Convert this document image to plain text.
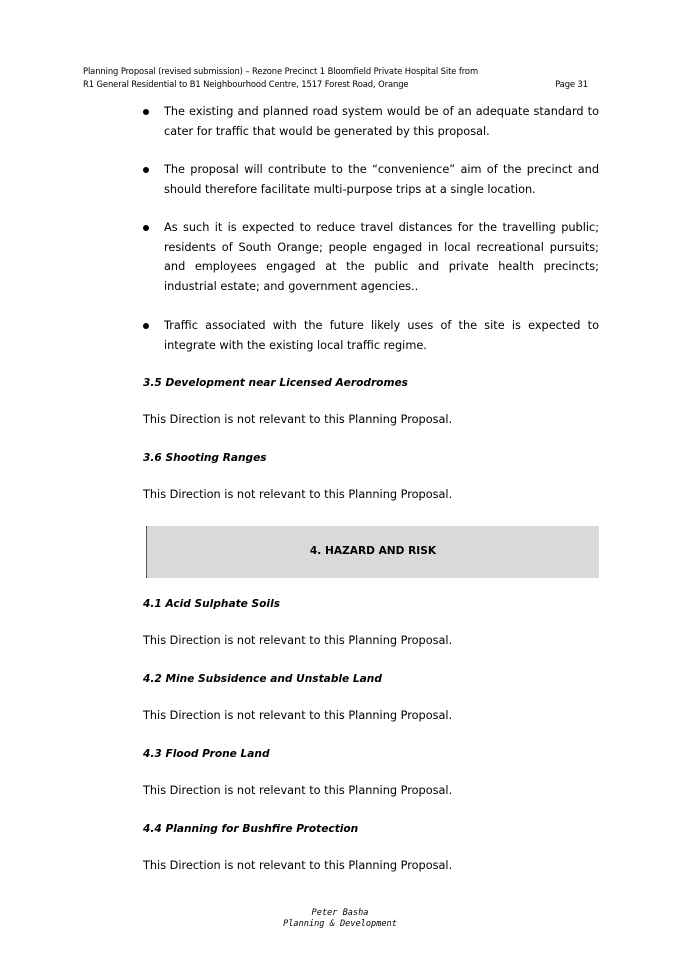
Planning Proposal (revised submission) – Rezone Precinct 1 Bloomfield Private Hospital Site from
R1 General Residential to B1 Neighbourhood Centre, 1517 Forest Road, Orange	Page 31
The existing and planned road system would be of an adequate standard to cater for traffic that would be generated by this proposal.
The proposal will contribute to the “convenience” aim of the precinct and should therefore facilitate multi-purpose trips at a single location.
As such it is expected to reduce travel distances for the travelling public; residents of South Orange; people engaged in local recreational pursuits; and employees engaged at the public and private health precincts; industrial estate; and government agencies..
Traffic associated with the future likely uses of the site is expected to integrate with the existing local traffic regime.
3.5 Development near Licensed Aerodromes
This Direction is not relevant to this Planning Proposal.
3.6 Shooting Ranges
This Direction is not relevant to this Planning Proposal.
4. HAZARD AND RISK
4.1 Acid Sulphate Soils
This Direction is not relevant to this Planning Proposal.
4.2 Mine Subsidence and Unstable Land
This Direction is not relevant to this Planning Proposal.
4.3 Flood Prone Land
This Direction is not relevant to this Planning Proposal.
4.4 Planning for Bushfire Protection
This Direction is not relevant to this Planning Proposal.
Peter Basha
Planning & Development
